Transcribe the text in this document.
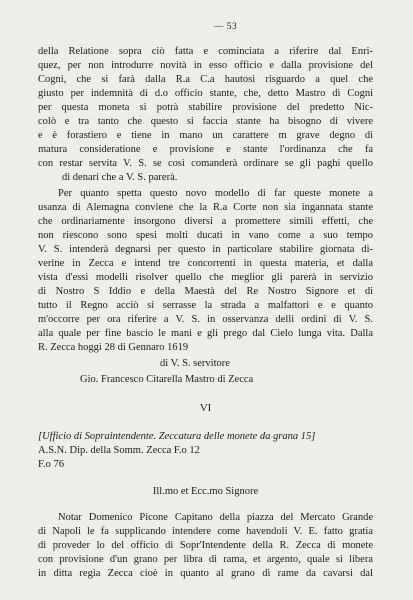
— 53
della Relatione sopra ciò fatta e cominciata a riferire dal Enri-
quez, per non introdurre novità in esso officio e dalla provisione del
Cogni, che si farà dalla R.a C.a hautosi risguardo a quel che
giusto per indemnità di d.o officio stante, che, detto Mastro di Cogni
per questa moneta si potrà stabilire provisione del predetto Nic-
colò e tra tanto che questo si faccia stante ha bisogno di vivere
e è forastiero e tiene in mano un carattere m grave degno di
matura consideratione e provisione e stante l'ordinanza che fa
con restar servita V. S. se così comanderà ordinare se gli paghi quello
di denari che a V. S. parerà.
Per quanto spetta questo novo modello di far queste monete a
usanza di Alemagna conviene che la R.a Corte non sia ingannata stante
che ordinariamente insorgono diversi a promettere simili effetti, che
non riescono sono spesi molti ducati in vano come a suo tempo
V. S. intenderà degnarsi per questo in particolare stabilire giornata di-
verine in Zecca e intend tre concorrenti in questa materia, et dalla
vista d'essi modelli risolver quello che meglior gli parerà in servizio
di Nostro S Iddio e della Maestà del Re Nostro Signore et di
tutto il Regno acciò si serrasse la strada a malfattori e e quanto
m'occorre per ora riferire a V. S. in osservanza delli ordini di V. S.
alla quale per fine bascio le mani e gli prego dal Cielo lunga vita. Dalla
R. Zecca hoggi 28 di Gennaro 1619
di V. S. servitore
Gio. Francesco Citarella Mastro di Zecca
VI
[Ufficio di Sopraintendente. Zeccatura delle monete da grana 15]
A.S.N. Dip. della Somm. Zecca F.o 12
F.o 76
Ill.mo et Ecc.mo Signore
Notar Domenico Picone Capitano della piazza del Mercato Grande
di Napoli le fa supplicando intendere come havendoli V. E. fatto gratia
di proveder lo del officio di Sopr'Intendente della R. Zecca di monete
con provisione d'un grano per libra di rama, et argento, quale si libera
in ditta regia Zecca cioè in quanto al grano di rame da cavarsi dal
